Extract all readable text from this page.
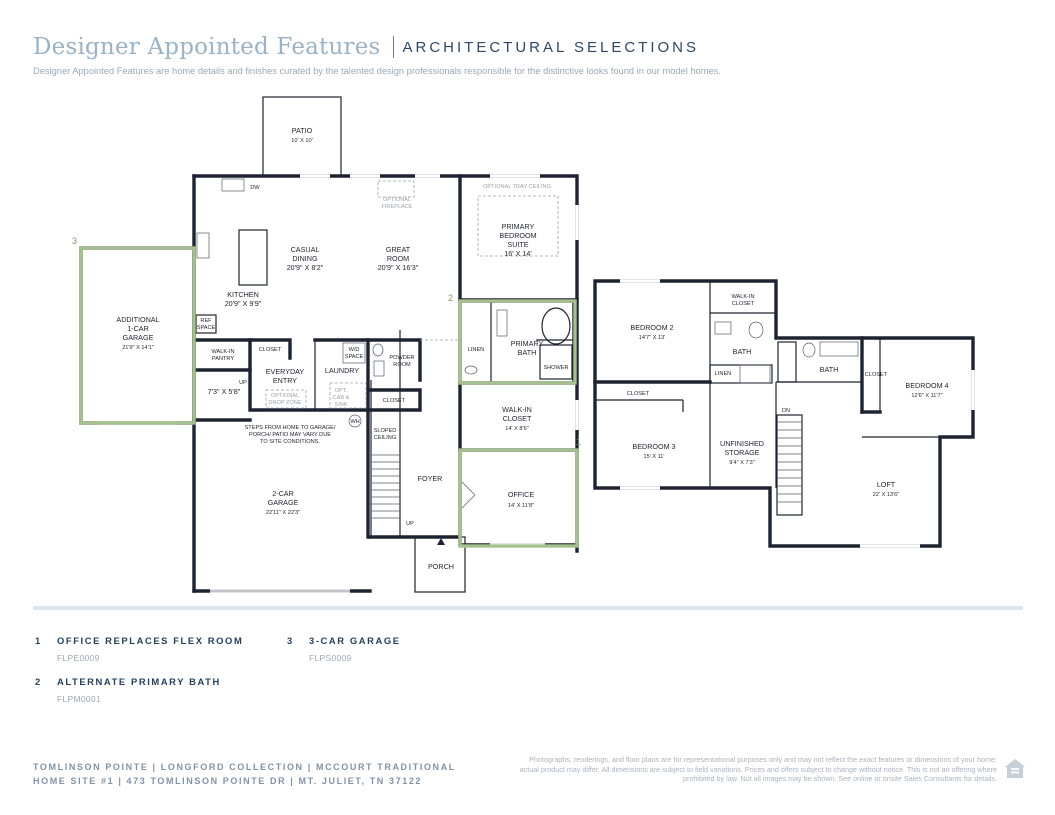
Designer Appointed Features ARCHITECTURAL SELECTIONS
Designer Appointed Features are home details and finishes curated by the talented design professionals responsible for the distinctive looks found in our model homes.
3
2
1
PATIO
10' X 10'
CASUAL
DINING
20'9" X 8'2"
GREAT
ROOM
20'9" X 16'3"
PRIMARY
BEDROOM
SUITE
16' X 14'
KITCHEN
20'9" X 9'9"
ADDITIONAL
1-CAR
GARAGE
21'9" X 14'1"	PRIMARY
BATH
EVERYDAY
ENTRY
WALK-IN
CLOSET
14' X 8'6"
FOYER
OFFICE
14' X 11'8"
2-CAR
GARAGE
22'11" X 22'3"
PORCH
BEDROOM 2
14'7" X 13'
BEDROOM 3
15' X 11'
BEDROOM 4
12'6" X 11'7"
UNFINISHED
STORAGE
9'4" X 7'3"
LOFT
22' X 13'6"
DW
OPTIONAL
FIREPLACE
OPTIONAL TRAY CEILING
REF
SPACE
WALK-IN
PANTRY
CLOSET
LAUNDRY
W/D
SPACE	POWDER
ROOM
CLOSET
LINEN
SHOWER
UP
UP
DN
7'3" X 5'8"	OPTIONAL
DROP ZONE
OPT.
CAB &
SINK
WH
SLOPED
CEILING
STEPS FROM HOME TO GARAGE/
PORCH/ PATIO MAY VARY DUE
TO SITE CONDITIONS.
WALK-IN
CLOSET
BATH
BATH
LINEN
CLOSET
CLOSET
1 OFFICE REPLACES FLEX ROOM
FLPE0009
2 ALTERNATE PRIMARY BATH
FLPM0001
3 3-CAR GARAGE
FLPS0009
TOMLINSON POINTE | LONGFORD COLLECTION | MCCOURT TRADITIONAL
HOME SITE #1 | 473 TOMLINSON POINTE DR | MT. JULIET, TN 37122
Photographs, renderings, and floor plans are for representational purposes only and may not reflect the exact features or dimensions of your home; actual product may differ. All dimensions are subject to field variations. Prices and offers subject to change without notice. This is not an offering where prohibited by law. Not all images may be shown. See online or onsite Sales Consultants for details.
